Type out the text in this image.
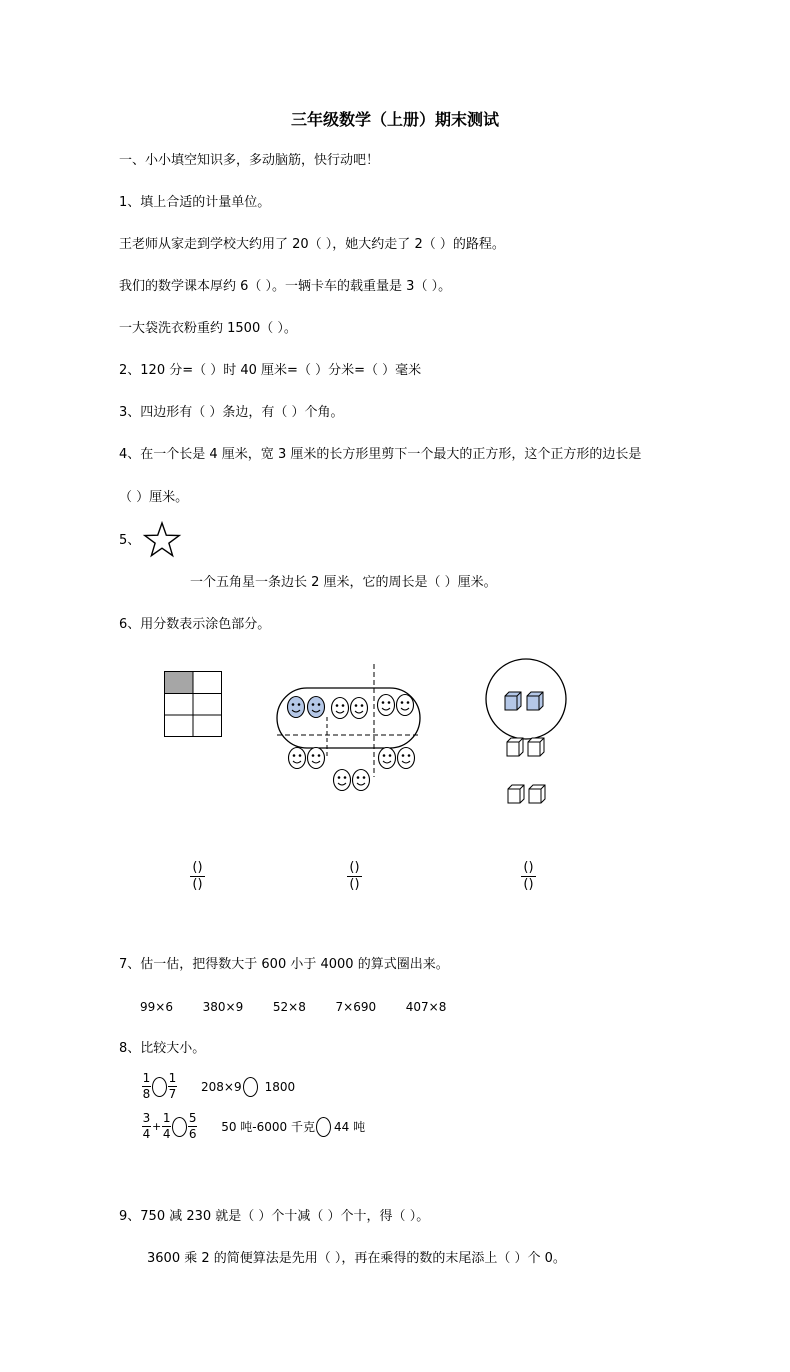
三年级数学（上册）期末测试
一、小小填空知识多，多动脑筋，快行动吧！
1、填上合适的计量单位。
王老师从家走到学校大约用了 20（ ），她大约走了 2（ ）的路程。
我们的数学课本厚约 6（ ）。一辆卡车的载重量是 3（ ）。
一大袋洗衣粉重约 1500（ ）。
2、120 分=（ ）时 40 厘米=（ ）分米=（ ）毫米
3、四边形有（ ）条边，有（ ）个角。
4、在一个长是 4 厘米，宽 3 厘米的长方形里剪下一个最大的正方形，这个正方形的边长是
（ ）厘米。
5、
一个五角星一条边长 2 厘米，它的周长是（ ）厘米。
6、用分数表示涂色部分。
()
()
()
()
()
()
7、估一估，把得数大于 600 小于 4000 的算式圈出来。
99×6 380×9 52×8 7×690 407×8
8、比较大小。
1
8
1
7
208×9 1800
3
4
+
1
4
5
6 50 吨-6000 千克 44 吨
9、750 减 230 就是（ ）个十减（ ）个十，得（ ）。
3600 乘 2 的简便算法是先用（ ），再在乘得的数的末尾添上（ ）个 0。
